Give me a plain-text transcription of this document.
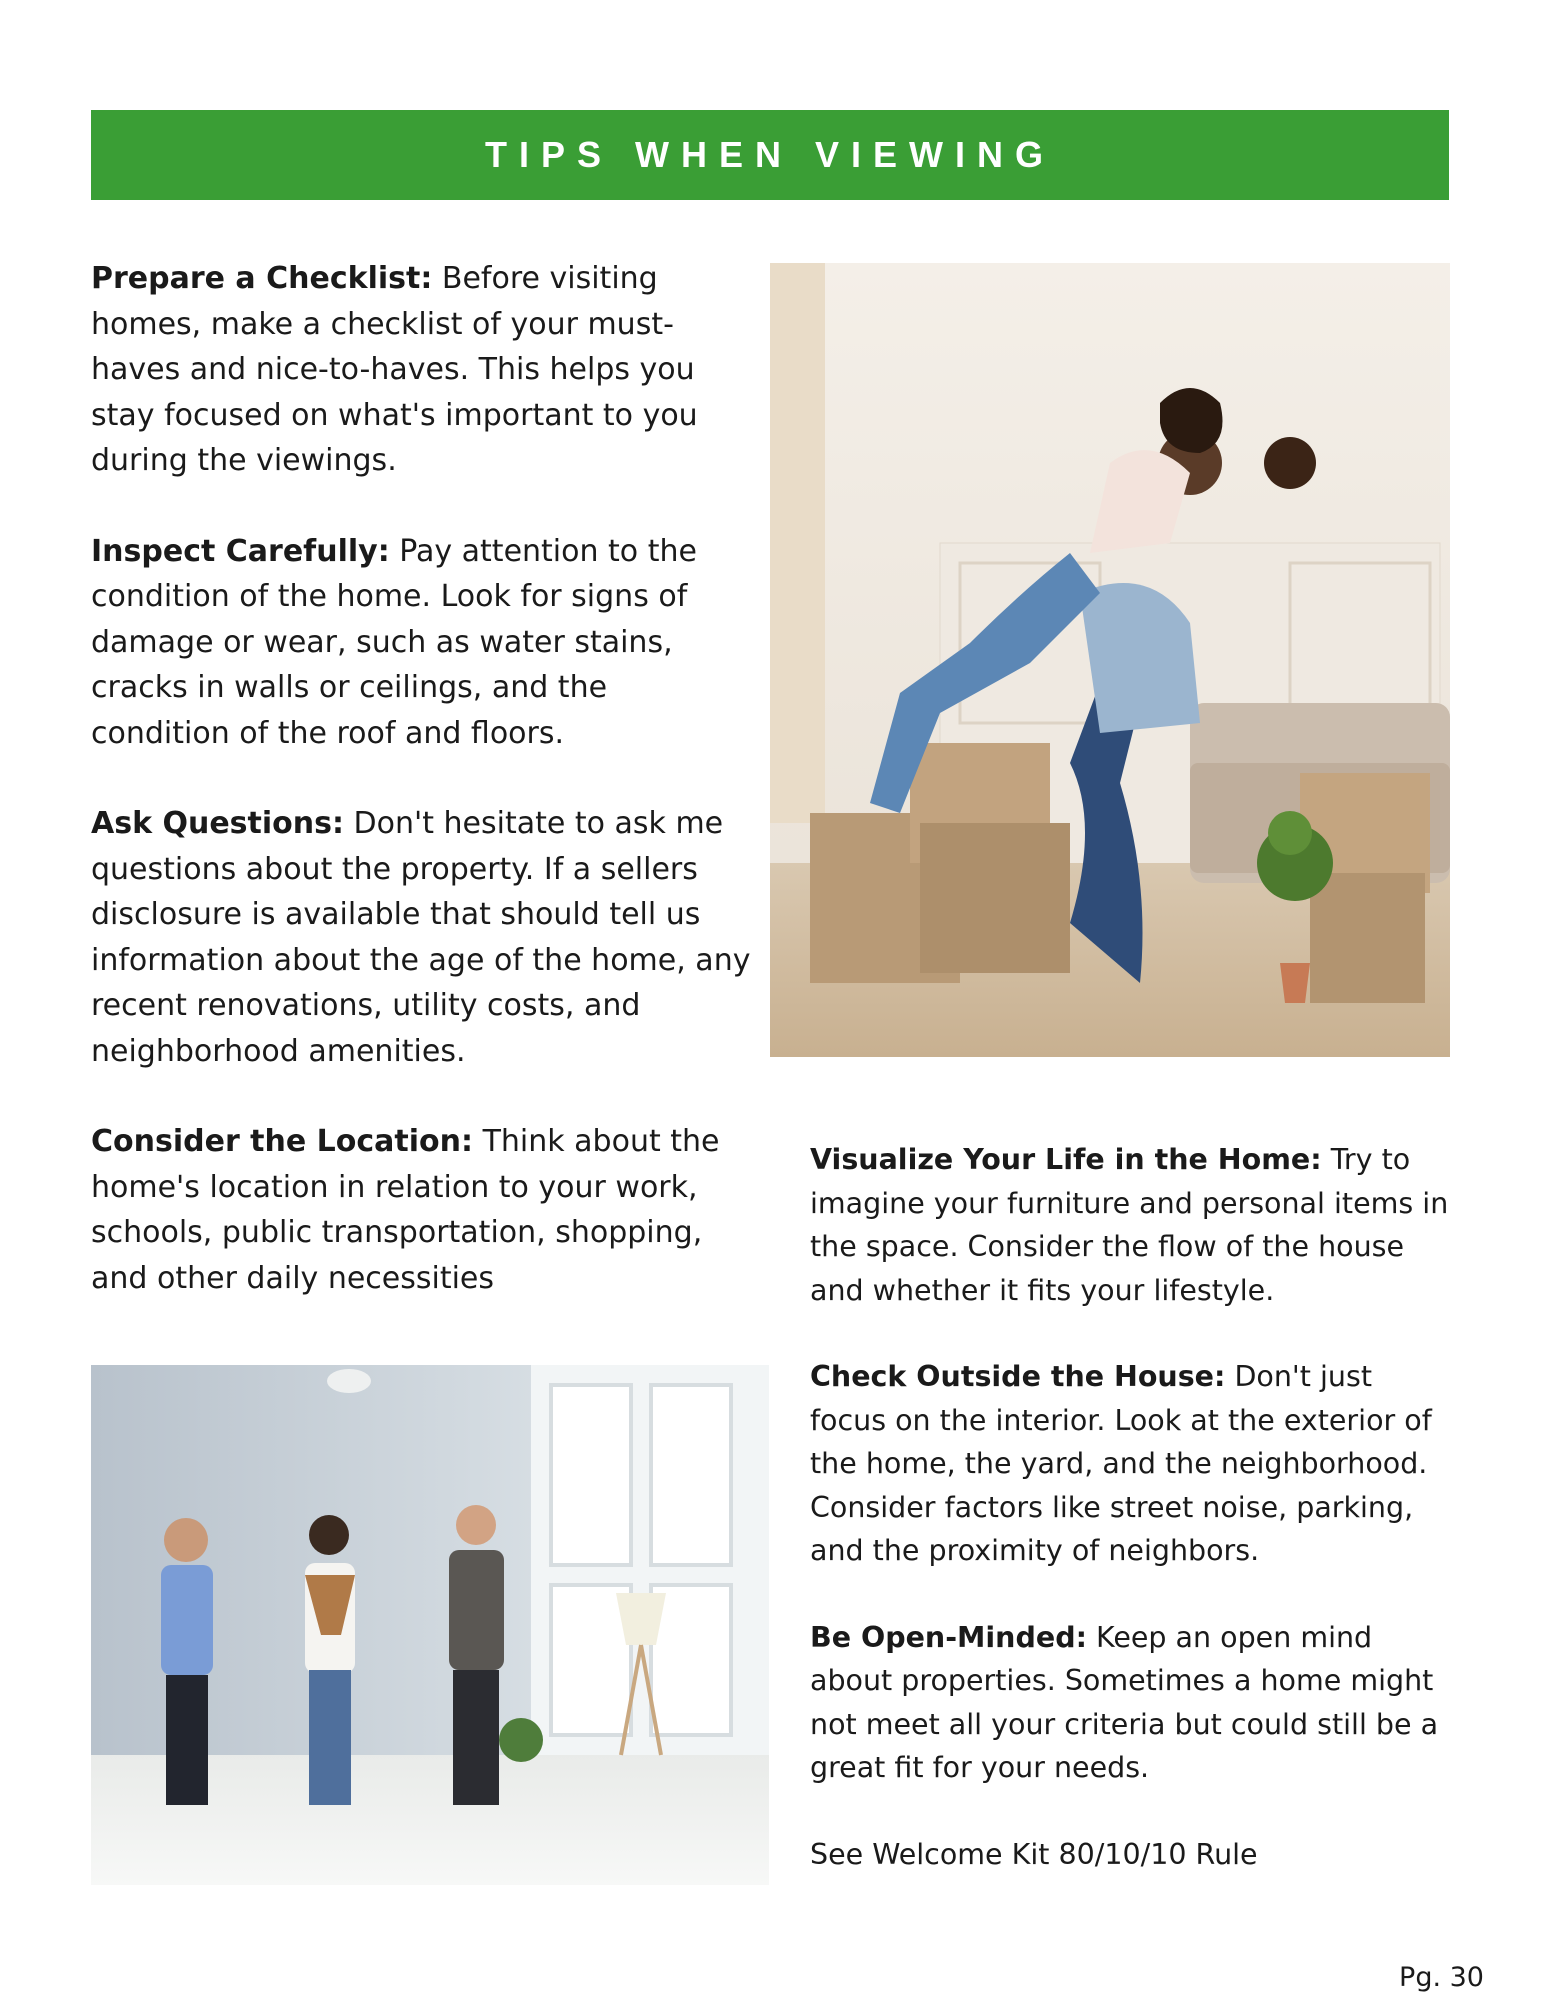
TIPS WHEN VIEWING

Prepare a Checklist: Before visiting homes, make a checklist of your must-haves and nice-to-haves. This helps you stay focused on what's important to you during the viewings.

Inspect Carefully: Pay attention to the condition of the home. Look for signs of damage or wear, such as water stains, cracks in walls or ceilings, and the condition of the roof and floors.

Ask Questions: Don't hesitate to ask me questions about the property. If a sellers disclosure is available that should tell us information about the age of the home, any recent renovations, utility costs, and neighborhood amenities.

Consider the Location: Think about the home's location in relation to your work, schools, public transportation, shopping, and other daily necessities

Visualize Your Life in the Home: Try to imagine your furniture and personal items in the space. Consider the flow of the house and whether it fits your lifestyle.

Check Outside the House: Don't just focus on the interior. Look at the exterior of the home, the yard, and the neighborhood. Consider factors like street noise, parking, and the proximity of neighbors.

Be Open-Minded: Keep an open mind about properties. Sometimes a home might not meet all your criteria but could still be a great fit for your needs.

See Welcome Kit 80/10/10 Rule

Pg. 30
